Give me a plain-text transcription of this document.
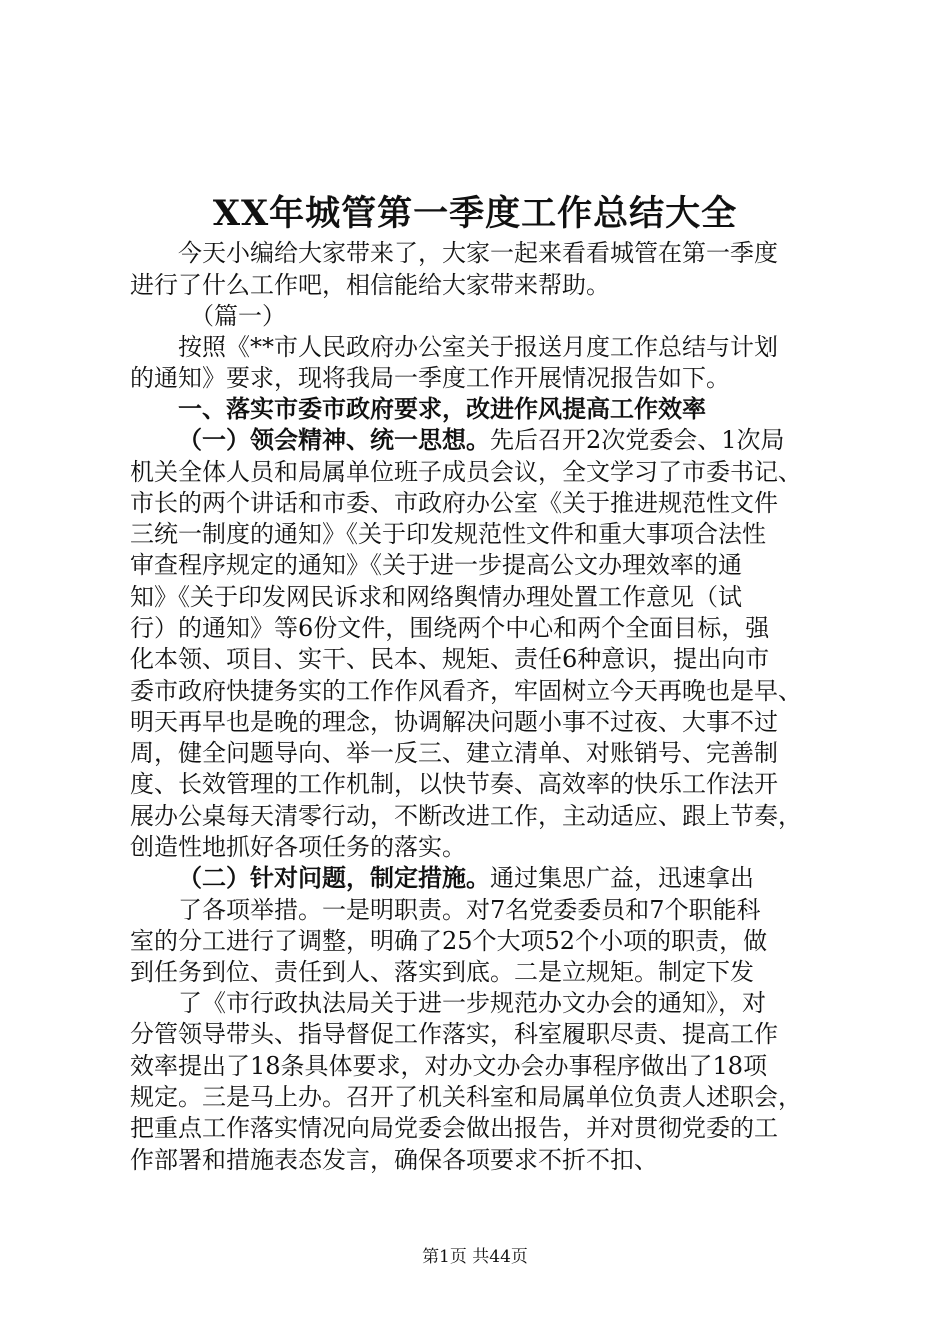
XX年城管第一季度工作总结大全
今天小编给大家带来了，大家一起来看看城管在第一季度
进行了什么工作吧，相信能给大家带来帮助。
（篇一）
按照《**市人民政府办公室关于报送月度工作总结与计划
的通知》要求，现将我局一季度工作开展情况报告如下。
一、落实市委市政府要求，改进作风提高工作效率
（一）领会精神、统一思想。先后召开2次党委会、1次局
机关全体人员和局属单位班子成员会议，全文学习了市委书记、
市长的两个讲话和市委、市政府办公室《关于推进规范性文件
三统一制度的通知》《关于印发规范性文件和重大事项合法性
审查程序规定的通知》《关于进一步提高公文办理效率的通
知》《关于印发网民诉求和网络舆情办理处置工作意见（试
行）的通知》等6份文件，围绕两个中心和两个全面目标，强
化本领、项目、实干、民本、规矩、责任6种意识，提出向市
委市政府快捷务实的工作作风看齐，牢固树立今天再晚也是早、
明天再早也是晚的理念，协调解决问题小事不过夜、大事不过
周，健全问题导向、举一反三、建立清单、对账销号、完善制
度、长效管理的工作机制，以快节奏、高效率的快乐工作法开
展办公桌每天清零行动，不断改进工作，主动适应、跟上节奏，
创造性地抓好各项任务的落实。
（二）针对问题，制定措施。通过集思广益，迅速拿出
了各项举措。一是明职责。对7名党委委员和7个职能科
室的分工进行了调整，明确了25个大项52个小项的职责，做
到任务到位、责任到人、落实到底。二是立规矩。制定下发
了《市行政执法局关于进一步规范办文办会的通知》，对
分管领导带头、指导督促工作落实，科室履职尽责、提高工作
效率提出了18条具体要求，对办文办会办事程序做出了18项
规定。三是马上办。召开了机关科室和局属单位负责人述职会，
把重点工作落实情况向局党委会做出报告，并对贯彻党委的工
作部署和措施表态发言，确保各项要求不折不扣、
第1页 共44页
